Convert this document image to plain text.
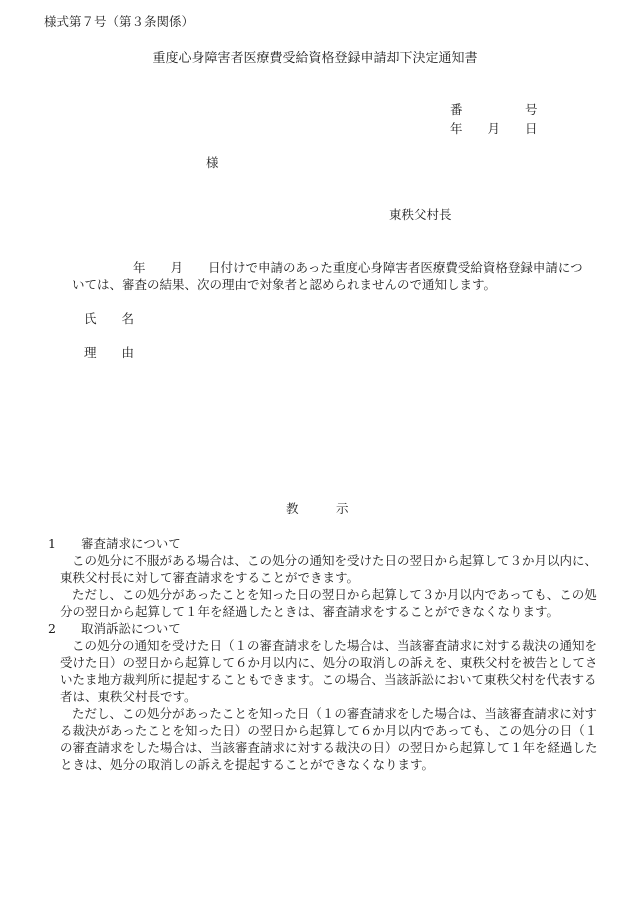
様式第７号（第３条関係）
重度心身障害者医療費受給資格登録申請却下決定通知書
番　　　　　号
年　　月　　日
様
東秩父村長
年　　月　　日付けで申請のあった重度心身障害者医療費受給資格登録申請につ
いては、審査の結果、次の理由で対象者と認められませんので通知します。
氏　　名
理　　由
教　　　示
1　　審査請求について
この処分に不服がある場合は、この処分の通知を受けた日の翌日から起算して３か月以内に、
東秩父村長に対して審査請求をすることができます。
ただし、この処分があったことを知った日の翌日から起算して３か月以内であっても、この処
分の翌日から起算して１年を経過したときは、審査請求をすることができなくなります。
2　　取消訴訟について
この処分の通知を受けた日（１の審査請求をした場合は、当該審査請求に対する裁決の通知を
受けた日）の翌日から起算して６か月以内に、処分の取消しの訴えを、東秩父村を被告としてさ
いたま地方裁判所に提起することもできます。この場合、当該訴訟において東秩父村を代表する
者は、東秩父村長です。
ただし、この処分があったことを知った日（１の審査請求をした場合は、当該審査請求に対す
る裁決があったことを知った日）の翌日から起算して６か月以内であっても、この処分の日（１
の審査請求をした場合は、当該審査請求に対する裁決の日）の翌日から起算して１年を経過した
ときは、処分の取消しの訴えを提起することができなくなります。
